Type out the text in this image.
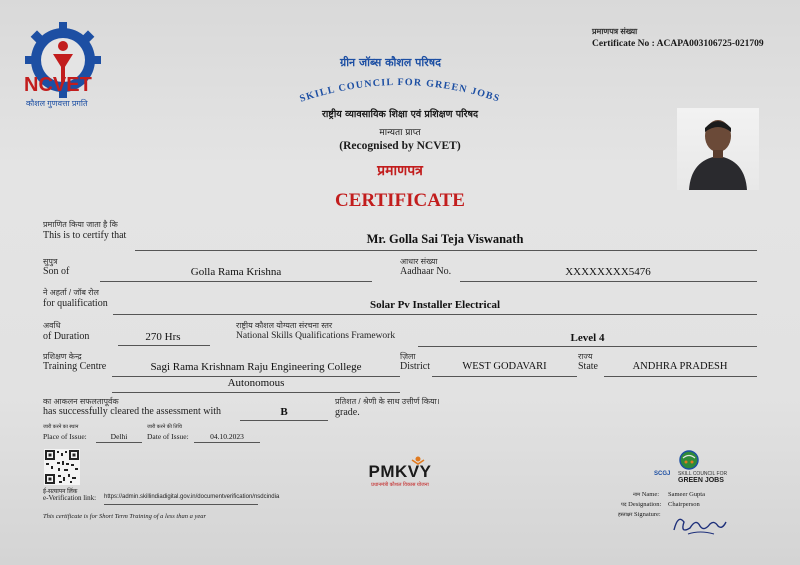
NCVET
कौशल गुणवत्ता प्रगति
प्रमाणपत्र संख्या
Certificate No : ACAPA003106725-021709
ग्रीन जॉब्स कौशल परिषद
SKILL COUNCIL FOR GREEN JOBS
राष्ट्रीय व्यावसायिक शिक्षा एवं प्रशिक्षण परिषद
मान्यता प्राप्त
(Recognised by NCVET)
प्रमाणपत्र
CERTIFICATE
प्रमाणित किया जाता है कि
This is to certify that	Mr. Golla Sai Teja Viswanath
सुपुत्र
Son of	Golla Rama Krishna
आधार संख्या
Aadhaar No.	XXXXXXXX5476
ने अहर्ता / जॉब रोल
for qualification	Solar Pv Installer Electrical
अवधि
of Duration	270 Hrs
राष्ट्रीय कौशल योग्यता संरचना स्तर
National Skills Qualifications Framework	Level 4
प्रशिक्षण केन्द्र
Training Centre	Sagi Rama Krishnam Raju Engineering College
Autonomous
ज़िला
District	WEST GODAVARI
राज्य
State	ANDHRA PRADESH
का आकलन सफलतापूर्वक
has successfully cleared the assessment with	B
प्रतिशत / श्रेणी के साथ उत्तीर्ण किया।
grade.
जारी करने का स्थान
Place of Issue:	Delhi
जारी करने की तिथि
Date of Issue:	04.10.2023
ई-सत्यापन लिंक
e-Verification link: https://admin.skillindiadigital.gov.in/documentverification/nsdcindia
This certificate is for Short Term Training of a less than a year
PMKVY
प्रधानमंत्री कौशल विकास योजना
SCGJ SKILL COUNCIL FOR
GREEN JOBS
नाम Name: Sameer Gupta
पद Designation: Chairperson
हस्ताक्षर Signature:
